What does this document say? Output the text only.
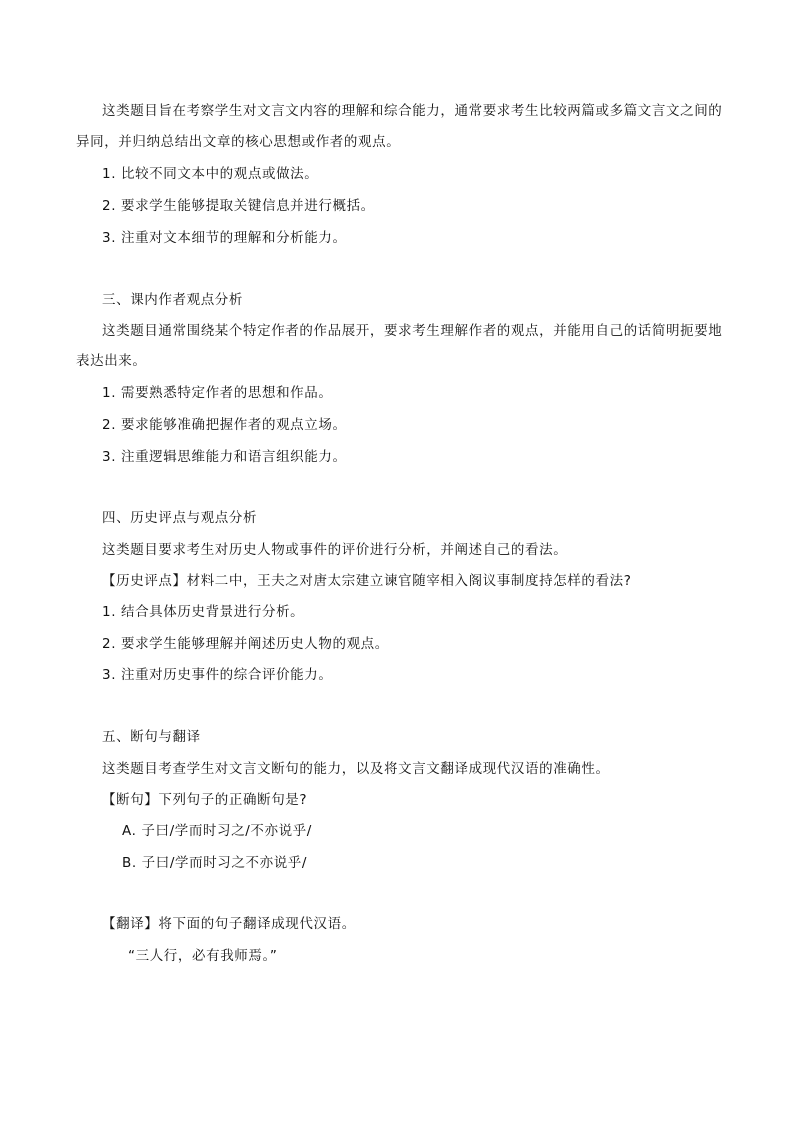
这类题目旨在考察学生对文言文内容的理解和综合能力，通常要求考生比较两篇或多篇文言文之间的
异同，并归纳总结出文章的核心思想或作者的观点。
1. 比较不同文本中的观点或做法。
2. 要求学生能够提取关键信息并进行概括。
3. 注重对文本细节的理解和分析能力。
三、课内作者观点分析
这类题目通常围绕某个特定作者的作品展开，要求考生理解作者的观点，并能用自己的话简明扼要地
表达出来。
1. 需要熟悉特定作者的思想和作品。
2. 要求能够准确把握作者的观点立场。
3. 注重逻辑思维能力和语言组织能力。
四、历史评点与观点分析
这类题目要求考生对历史人物或事件的评价进行分析，并阐述自己的看法。
【历史评点】材料二中，王夫之对唐太宗建立谏官随宰相入阁议事制度持怎样的看法?
1. 结合具体历史背景进行分析。
2. 要求学生能够理解并阐述历史人物的观点。
3. 注重对历史事件的综合评价能力。
五、断句与翻译
这类题目考查学生对文言文断句的能力，以及将文言文翻译成现代汉语的准确性。
【断句】下列句子的正确断句是?
A. 子曰/学而时习之/不亦说乎/
B. 子曰/学而时习之不亦说乎/
【翻译】将下面的句子翻译成现代汉语。
“三人行，必有我师焉。”
